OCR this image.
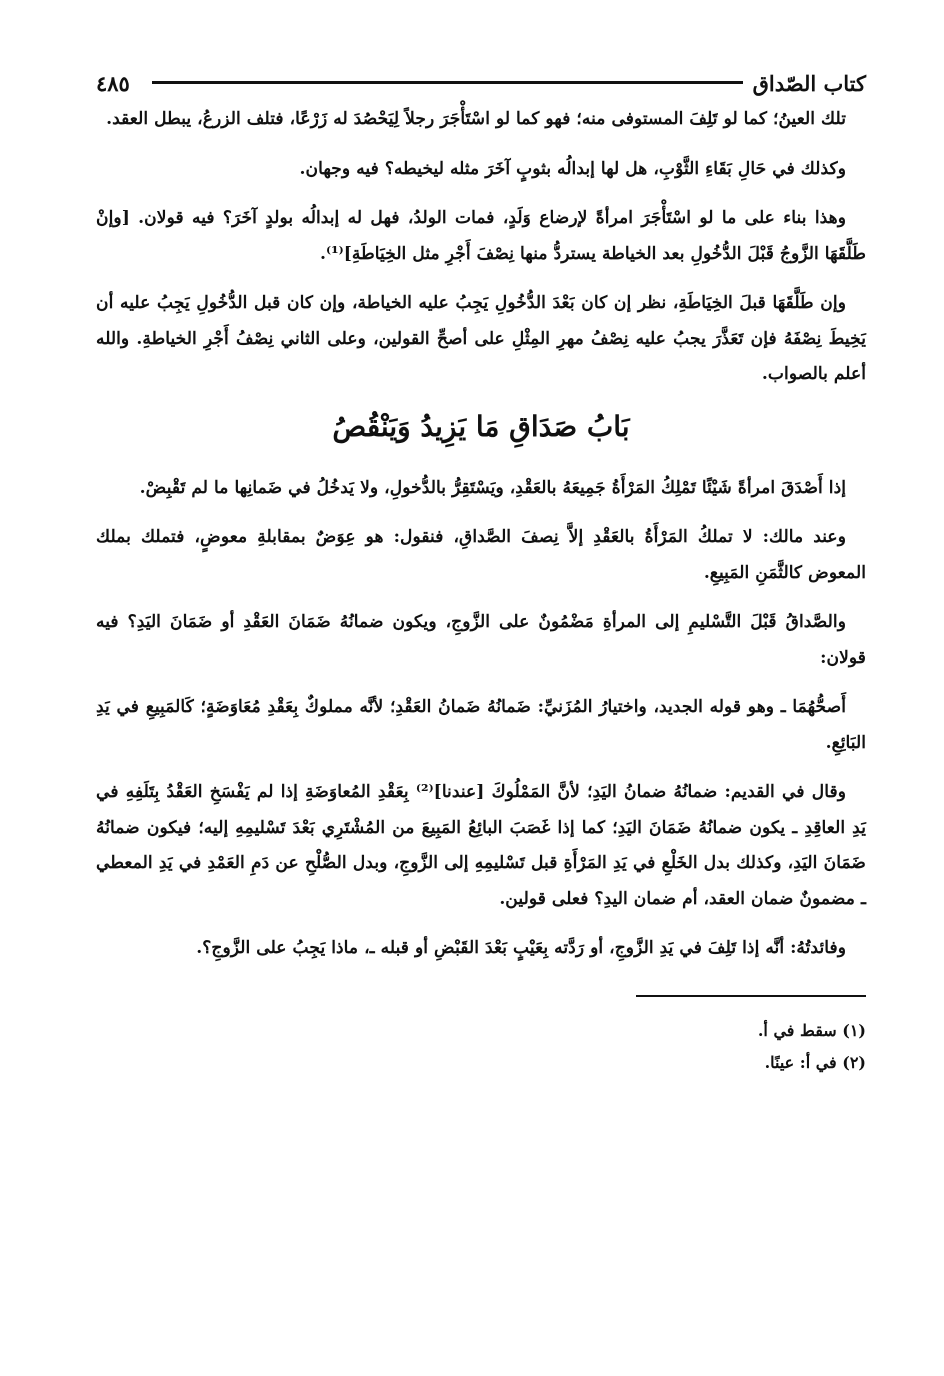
كتاب الصّداق
٤٨٥

تلك العينُ؛ كما لو تَلِفَ المستوفى منه؛ فهو كما لو اسْتَأْجَرَ رجلاً لِيَحْصُدَ له زَرْعًا، فتلف الزرعُ، يبطل العقد.

وكذلك في حَالِ بَقَاءِ الثَّوْبِ، هل لها إبدالُه بثوبٍ آخَرَ مثله ليخيطه؟ فيه وجهان.

وهذا بناء على ما لو اسْتَأْجَرَ امرأةً لإرضاع وَلَدٍ، فمات الولدُ، فهل له إبدالُه بولدٍ آخَرَ؟ فيه قولان. [وإنْ طَلَّقَهَا الزَّوجُ قَبْلَ الدُّخُولِ بعد الخياطة يستردُّ منها نِصْفَ أَجْرِ مثل الخِيَاطَةِ]⁽¹⁾.

وإن طَلَّقَهَا قبلَ الخِيَاطَةِ، نظر إن كان بَعْدَ الدُّخُولِ يَجِبُ عليه الخياطة، وإن كان قبل الدُّخُولِ يَجِبُ عليه أن يَخِيطَ نِصْفَهُ فإن تَعَذَّرَ يجبُ عليه نِصْفُ مهرِ المِثْلِ على أصحِّ القولين، وعلى الثاني نِصْفُ أَجْرِ الخياطةِ. والله أعلم بالصواب.

بَابُ صَدَاقِ مَا يَزِيدُ وَيَنْقُصُ

إذا أَصْدَقَ امرأةً شَيْئًا تَمْلِكُ المَرْأَةُ جَمِيعَهُ بالعَقْدِ، ويَسْتَقِرُّ بالدُّخولِ، ولا يَدخُلُ في ضَمانِها ما لم تَقْبِضْ.

وعند مالك: لا تملكُ المَرْأَةُ بالعَقْدِ إلاَّ نِصفَ الصَّداقِ، فنقول: هو عِوَضٌ بمقابلةِ معوضٍ، فتملك بملك المعوض كالثَّمَنِ المَبِيعِ.

والصَّداقُ قَبْلَ التَّسْليمِ إلى المرأةِ مَضْمُونٌ على الزَّوجِ، ويكون ضمانُهُ ضَمَانَ العَقْدِ أو ضَمَانَ اليَدِ؟ فيه قولان:

أَصحُّهُمَا ـ وهو قوله الجديد، واختيارُ المُزَنيِّ: ضَمانُهُ ضَمانُ العَقْدِ؛ لأنَّه مملوكٌ بِعَقْدِ مُعَاوَضَةٍ؛ كَالمَبِيعِ في يَدِ البَائِعِ.

وقال في القديم: ضمانُهُ ضمانُ اليَدِ؛ لأنَّ المَمْلُوكَ [عندنا]⁽²⁾ بِعَقْدِ المُعاوَضَةِ إذا لم يَفْسَخِ العَقْدُ بِتَلَفِهِ في يَدِ العاقِدِ ـ يكون ضمانُهُ ضَمَانَ اليَدِ؛ كما إذا غَصَبَ البائِعُ المَبِيعَ من المُشْتَرِي بَعْدَ تَسْليمِهِ إليه؛ فيكون ضمانُهُ ضَمَانَ اليَدِ، وكذلك بدل الخَلْعِ في يَدِ المَرْأَةِ قبل تَسْليمِهِ إلى الزَّوجِ، وبدل الصُّلْحِ عن دَمِ العَمْدِ في يَدِ المعطي ـ مضمونٌ ضمان العقد، أم ضمان اليدِ؟ فعلى قولين.

وفائدتُهُ: أنَّه إذا تَلِفَ في يَدِ الزَّوجِ، أو رَدَّته بِعَيْبٍ بَعْدَ القَبْضِ أو قبله ـ، ماذا يَجِبُ على الزَّوجِ؟.

(١) سقط في أ.
(٢) في أ: عينًا.
